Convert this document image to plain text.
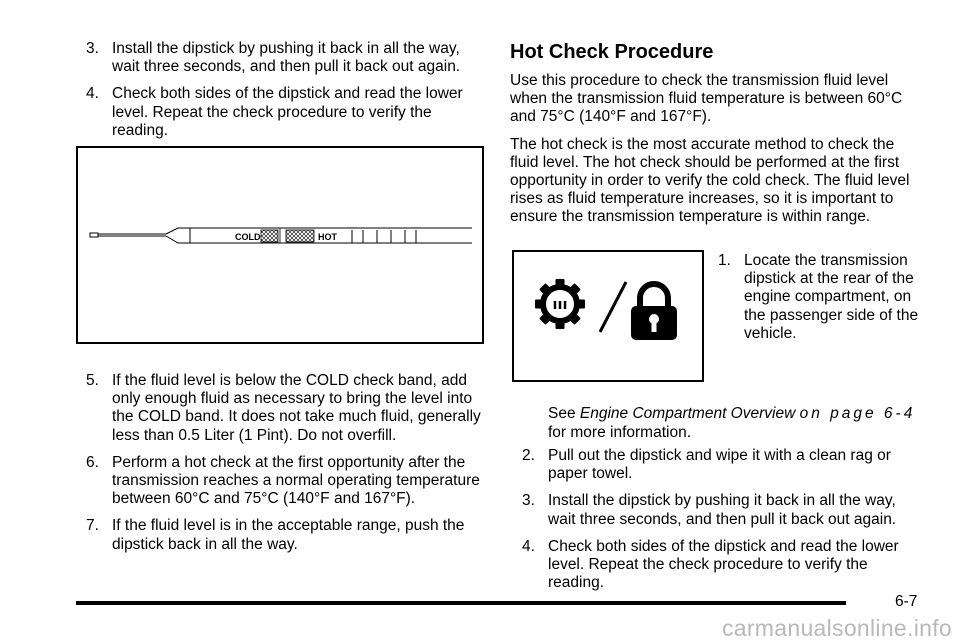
3. Install the dipstick by pushing it back in all the way, wait three seconds, and then pull it back out again.
4. Check both sides of the dipstick and read the lower level. Repeat the check procedure to verify the reading.
COLD	HOT
5. If the fluid level is below the COLD check band, add only enough fluid as necessary to bring the level into the COLD band. It does not take much fluid, generally less than 0.5 Liter (1 Pint). Do not overfill.
6. Perform a hot check at the first opportunity after the transmission reaches a normal operating temperature between 60°C and 75°C (140°F and 167°F).
7. If the fluid level is in the acceptable range, push the dipstick back in all the way.
Hot Check Procedure

Use this procedure to check the transmission fluid level when the transmission fluid temperature is between 60°C and 75°C (140°F and 167°F).

The hot check is the most accurate method to check the fluid level. The hot check should be performed at the first opportunity in order to verify the cold check. The fluid level rises as fluid temperature increases, so it is important to ensure the transmission temperature is within range.

1. Locate the transmission dipstick at the rear of the engine compartment, on the passenger side of the vehicle.
See Engine Compartment Overview on page 6-4
for more information.
2. Pull out the dipstick and wipe it with a clean rag or paper towel.
3. Install the dipstick by pushing it back in all the way, wait three seconds, and then pull it back out again.
4. Check both sides of the dipstick and read the lower level. Repeat the check procedure to verify the reading.
6-7
carmanualsonline.info
